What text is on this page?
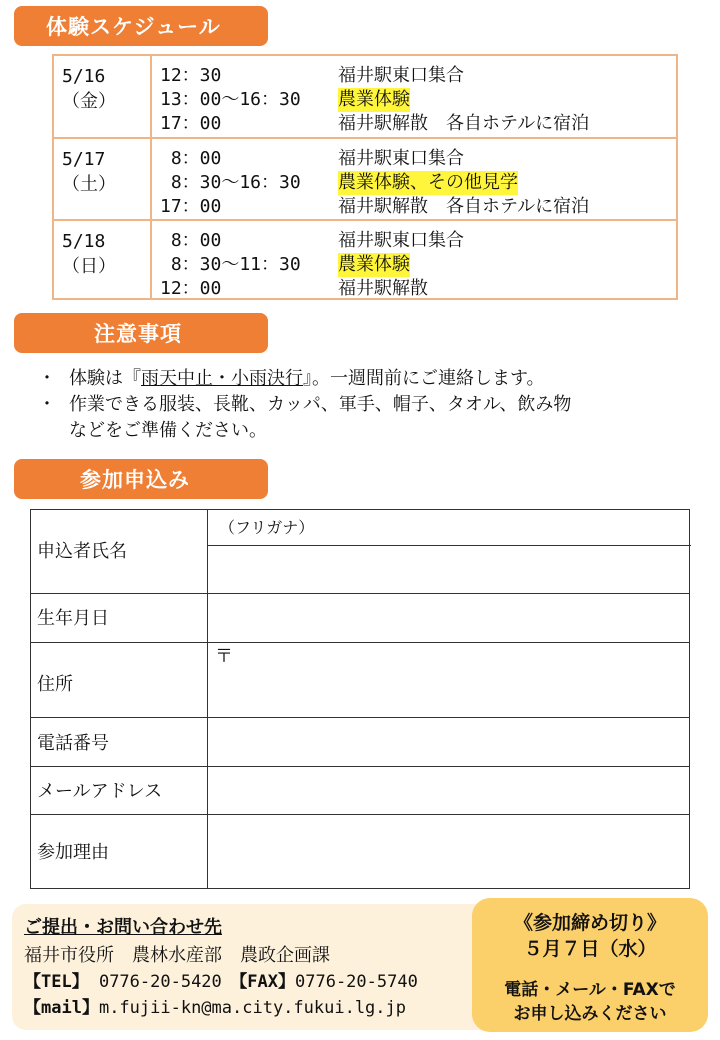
体験スケジュール
5/16
（金）
12：30	福井駅東口集合
13：00～16：30 農業体験
17：00	福井駅解散　各自ホテルに宿泊
5/17
（土）
8：00	福井駅東口集合
8：30～16：30 農業体験、その他見学
17：00	福井駅解散　各自ホテルに宿泊
5/18
（日）
8：00	福井駅東口集合
8：30～11：30 農業体験
12：00	福井駅解散
注意事項
・ 体験は『雨天中止・小雨決行』。一週間前にご連絡します。
・ 作業できる服装、長靴、カッパ、軍手、帽子、タオル、飲み物
などをご準備ください。
参加申込み
申込者氏名
（フリガナ）
生年月日
住所
〒
電話番号
メールアドレス
参加理由
ご提出・お問い合わせ先
福井市役所　農林水産部　農政企画課
【TEL】 0776-20-5420　【FAX】0776-20-5740
【mail】m.fujii-kn@ma.city.fukui.lg.jp
《参加締め切り》
５月７日（水）
電話・メール・FAXで
お申し込みください
